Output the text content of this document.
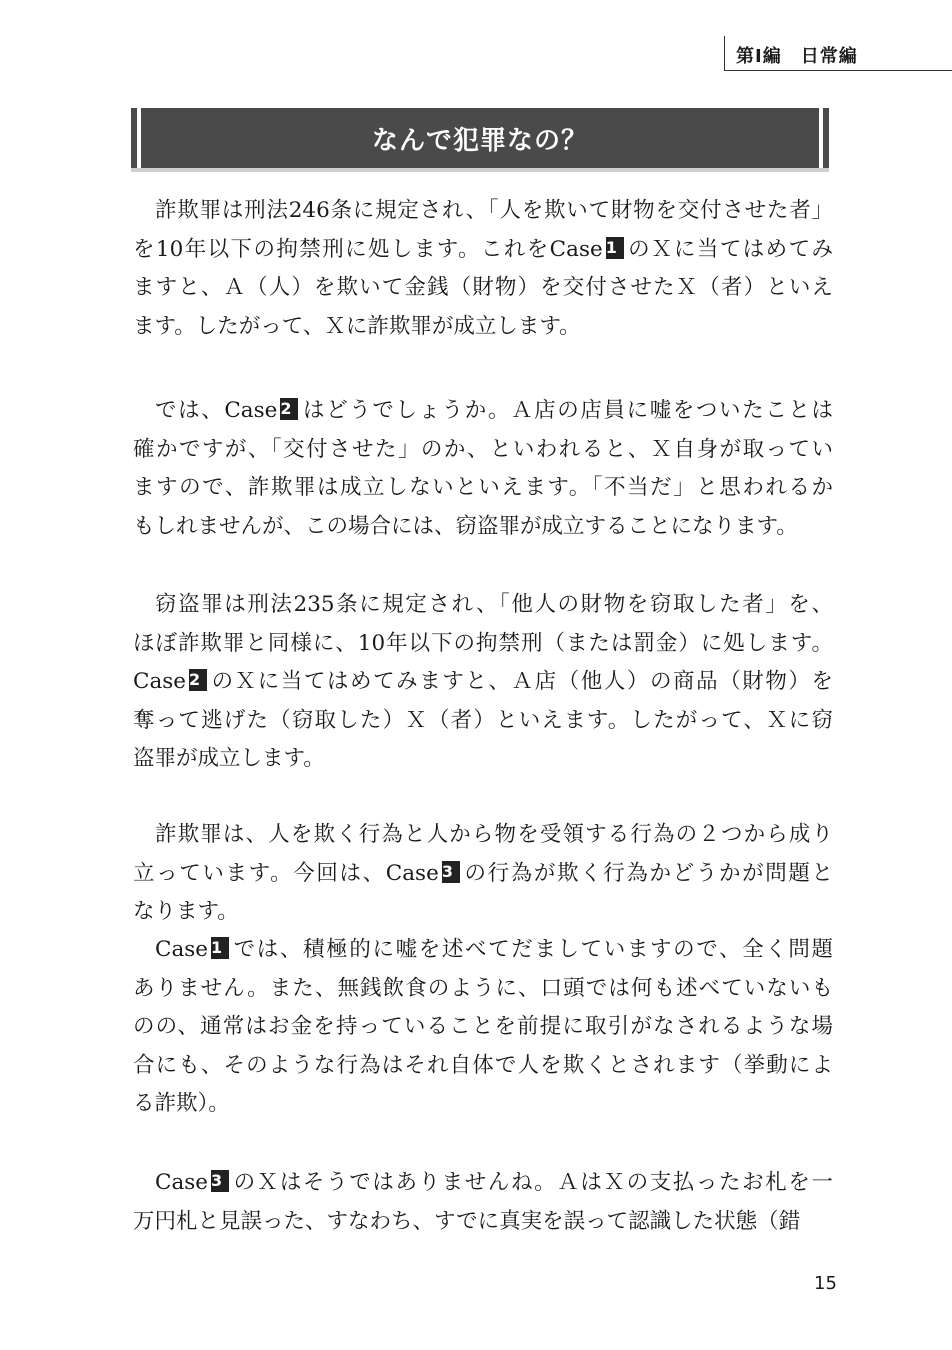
第Ⅰ編　日常編
なんで犯罪なの？
詐欺罪は刑法246条に規定され、「人を欺いて財物を交付させた者」
を10年以下の拘禁刑に処します。これをCase 1 のＸに当てはめてみ
ますと、Ａ（人）を欺いて金銭（財物）を交付させたＸ（者）といえ
ます。したがって、Ｘに詐欺罪が成立します。
では、Case 2 はどうでしょうか。Ａ店の店員に嘘をついたことは
確かですが、「交付させた」のか、といわれると、Ｘ自身が取ってい
ますので、詐欺罪は成立しないといえます。「不当だ」と思われるか
もしれませんが、この場合には、窃盗罪が成立することになります。
窃盗罪は刑法235条に規定され、「他人の財物を窃取した者」を、
ほぼ詐欺罪と同様に、10年以下の拘禁刑（または罰金）に処します。
Case 2 のＸに当てはめてみますと、Ａ店（他人）の商品（財物）を
奪って逃げた（窃取した）Ｘ（者）といえます。したがって、Ｘに窃
盗罪が成立します。
詐欺罪は、人を欺く行為と人から物を受領する行為の２つから成り
立っています。今回は、Case 3 の行為が欺く行為かどうかが問題と
なります。
Case 1 では、積極的に嘘を述べてだましていますので、全く問題
ありません。また、無銭飲食のように、口頭では何も述べていないも
のの、通常はお金を持っていることを前提に取引がなされるような場
合にも、そのような行為はそれ自体で人を欺くとされます（挙動によ
る詐欺）。
Case 3 のＸはそうではありませんね。ＡはＸの支払ったお札を一
万円札と見誤った、すなわち、すでに真実を誤って認識した状態（錯
15
